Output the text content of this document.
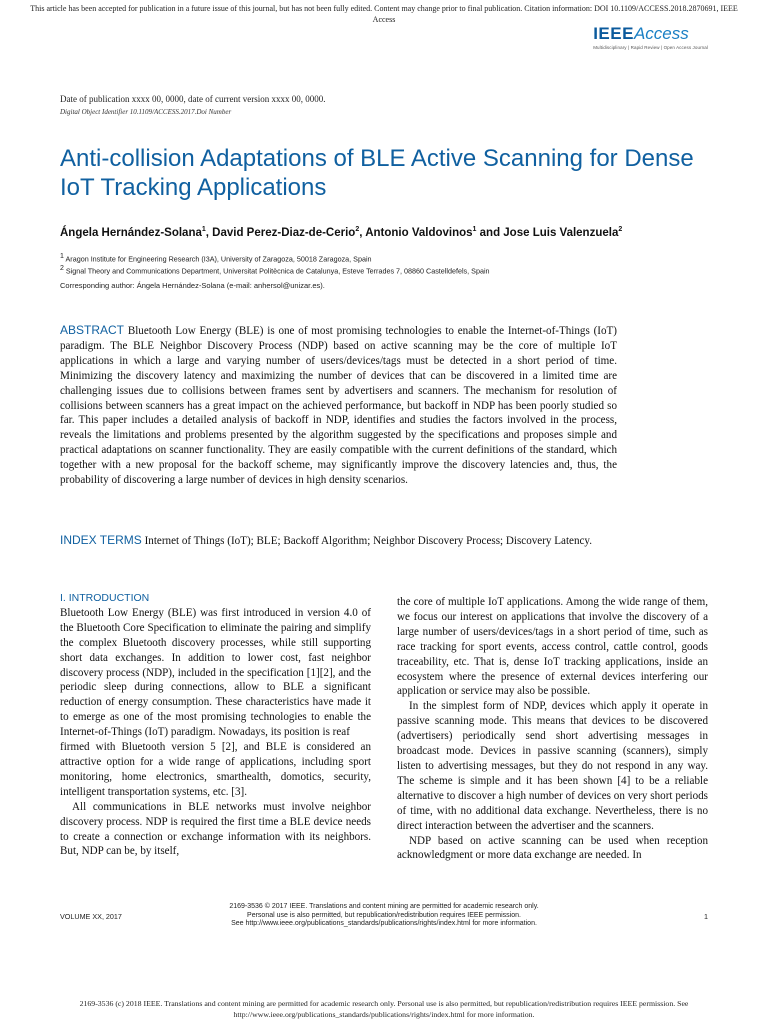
This article has been accepted for publication in a future issue of this journal, but has not been fully edited. Content may change prior to final publication. Citation information: DOI 10.1109/ACCESS.2018.2870691, IEEE
Access
IEEEAccess
Multidisciplinary | Rapid Review | Open Access Journal
Date of publication xxxx 00, 0000, date of current version xxxx 00, 0000.
Digital Object Identifier 10.1109/ACCESS.2017.Doi Number
Anti-collision Adaptations of BLE Active Scanning for Dense IoT Tracking Applications
Ángela Hernández-Solana$^1$, David Perez-Diaz-de-Cerio$^2$, Antonio Valdovinos$^1$ and Jose Luis Valenzuela$^2$
$^1$ Aragon Institute for Engineering Research (I3A), University of Zaragoza, 50018 Zaragoza, Spain
$^2$ Signal Theory and Communications Department, Universitat Politècnica de Catalunya, Esteve Terrades 7, 08860 Castelldefels, Spain
Corresponding author: Ángela Hernández-Solana (e-mail: anhersol@unizar.es).
ABSTRACT Bluetooth Low Energy (BLE) is one of most promising technologies to enable the Internet-of-Things (IoT) paradigm. The BLE Neighbor Discovery Process (NDP) based on active scanning may be the core of multiple IoT applications in which a large and varying number of users/devices/tags must be detected in a short period of time. Minimizing the discovery latency and maximizing the number of devices that can be discovered in a limited time are challenging issues due to collisions between frames sent by advertisers and scanners. The mechanism for resolution of collisions between scanners has a great impact on the achieved performance, but backoff in NDP has been poorly studied so far. This paper includes a detailed analysis of backoff in NDP, identifies and studies the factors involved in the process, reveals the limitations and problems presented by the algorithm suggested by the specifications and proposes simple and practical adaptations on scanner functionality. They are easily compatible with the current definitions of the standard, which together with a new proposal for the backoff scheme, may significantly improve the discovery latencies and, thus, the probability of discovering a large number of devices in high density scenarios.
INDEX TERMS Internet of Things (IoT); BLE; Backoff Algorithm; Neighbor Discovery Process; Discovery Latency.
I. INTRODUCTION

Bluetooth Low Energy (BLE) was first introduced in version 4.0 of the Bluetooth Core Specification to eliminate the pairing and simplify the complex Bluetooth discovery processes, while still supporting short data exchanges. In addition to lower cost, fast neighbor discovery process (NDP), included in the specification [1][2], and the periodic sleep during connections, allow to BLE a significant reduction of energy consumption. These characteristics have made it to emerge as one of the most promising technologies to enable the Internet-of-Things (IoT) paradigm. Nowadays, its position is reaf

firmed with Bluetooth version 5 [2], and BLE is considered an attractive option for a wide range of applications, including sport monitoring, home electronics, smarthealth, domotics, security, intelligent transportation systems, etc. [3].

All communications in BLE networks must involve neighbor discovery process. NDP is required the first time a BLE device needs to create a connection or exchange information with its neighbors. But, NDP can be, by itself,

the core of multiple IoT applications. Among the wide range of them, we focus our interest on applications that involve the discovery of a large number of users/devices/tags in a short period of time, such as race tracking for sport events, access control, cattle control, goods traceability, etc. That is, dense IoT tracking applications, inside an ecosystem where the presence of external devices interfering our application or service may also be possible.

In the simplest form of NDP, devices which apply it operate in passive scanning mode. This means that devices to be discovered (advertisers) periodically send short advertising messages in broadcast mode. Devices in passive scanning (scanners), simply listen to advertising messages, but they do not respond in any way. The scheme is simple and it has been shown [4] to be a reliable alternative to discover a high number of devices on very short periods of time, with no additional data exchange. Nevertheless, there is no direct interaction between the advertiser and the scanners.

NDP based on active scanning can be used when reception acknowledgment or more data exchange are needed. In

2169-3536 © 2017 IEEE. Translations and content mining are permitted for academic research only.
Personal use is also permitted, but republication/redistribution requires IEEE permission.
See http://www.ieee.org/publications_standards/publications/rights/index.html for more information.
VOLUME XX, 2017	1
2169-3536 (c) 2018 IEEE. Translations and content mining are permitted for academic research only. Personal use is also permitted, but republication/redistribution requires IEEE permission. See
http://www.ieee.org/publications_standards/publications/rights/index.html for more information.
